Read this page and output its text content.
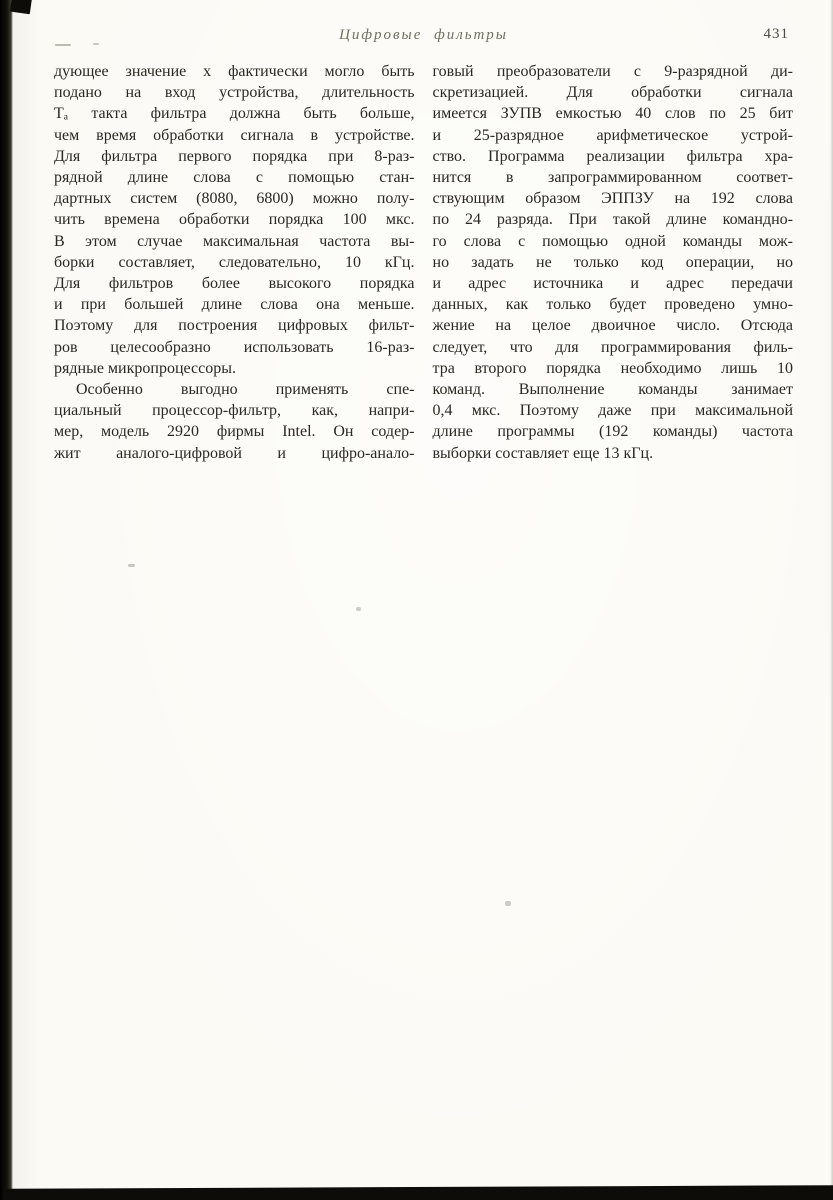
Цифровые фильтры	431
дующее значение x фактически могло быть
подано на вход устройства, длительность
Tₐ такта фильтра должна быть больше,
чем время обработки сигнала в устройстве.
Для фильтра первого порядка при 8-раз-
рядной длине слова с помощью стан-
дартных систем (8080, 6800) можно полу-
чить времена обработки порядка 100 мкс.
В этом случае максимальная частота вы-
борки составляет, следовательно, 10 кГц.
Для фильтров более высокого порядка
и при большей длине слова она меньше.
Поэтому для построения цифровых фильт-
ров целесообразно использовать 16-раз-
рядные микропроцессоры.
Особенно выгодно применять спе-
циальный процессор-фильтр, как, напри-
мер, модель 2920 фирмы Intel. Он содер-
жит аналого-цифровой и цифро-анало-
говый преобразователи с 9-разрядной ди-
скретизацией. Для обработки сигнала
имеется ЗУПВ емкостью 40 слов по 25 бит
и 25-разрядное арифметическое устрой-
ство. Программа реализации фильтра хра-
нится в запрограммированном соответ-
ствующим образом ЭППЗУ на 192 слова
по 24 разряда. При такой длине командно-
го слова с помощью одной команды мож-
но задать не только код операции, но
и адрес источника и адрес передачи
данных, как только будет проведено умно-
жение на целое двоичное число. Отсюда
следует, что для программирования филь-
тра второго порядка необходимо лишь 10
команд. Выполнение команды занимает
0,4 мкс. Поэтому даже при максимальной
длине программы (192 команды) частота
выборки составляет еще 13 кГц.
